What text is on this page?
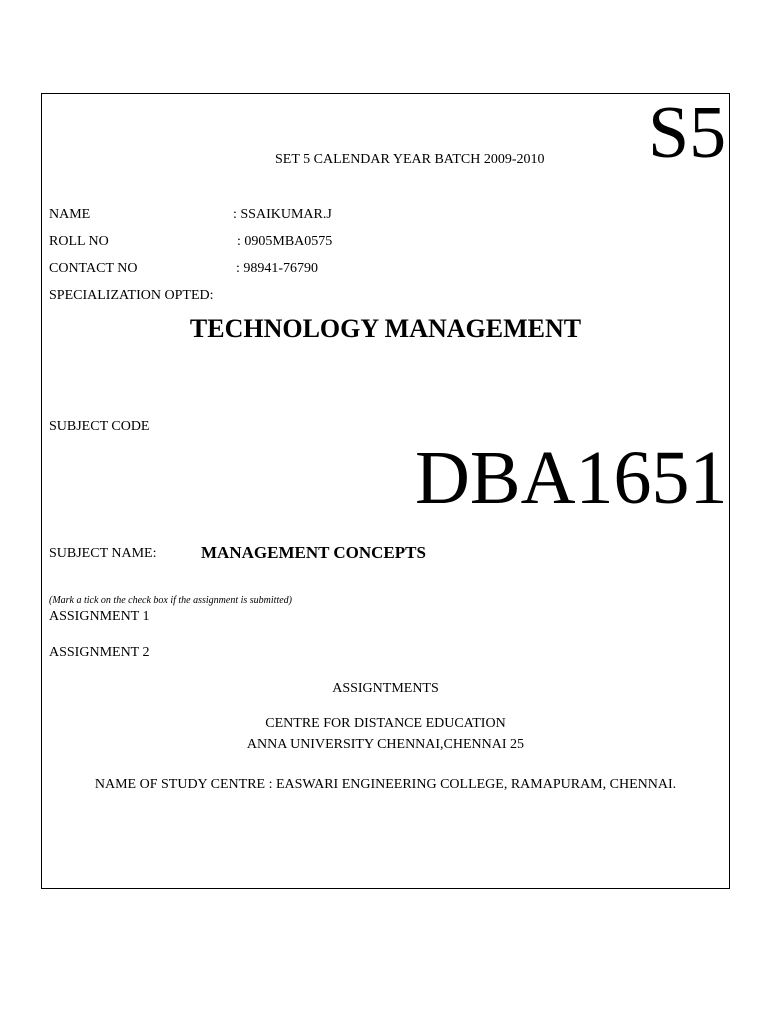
S5
SET 5 CALENDAR YEAR BATCH 2009-2010
NAME	: SSAIKUMAR.J
ROLL NO	: 0905MBA0575
CONTACT NO	: 98941-76790
SPECIALIZATION OPTED:
TECHNOLOGY MANAGEMENT
SUBJECT CODE
DBA1651
SUBJECT NAME:	MANAGEMENT CONCEPTS
(Mark a tick on the check box if the assignment is submitted)
ASSIGNMENT 1
ASSIGNMENT 2
ASSIGNTMENTS
CENTRE FOR DISTANCE EDUCATION
ANNA UNIVERSITY CHENNAI,CHENNAI 25
NAME OF STUDY CENTRE : EASWARI ENGINEERING COLLEGE, RAMAPURAM, CHENNAI.
